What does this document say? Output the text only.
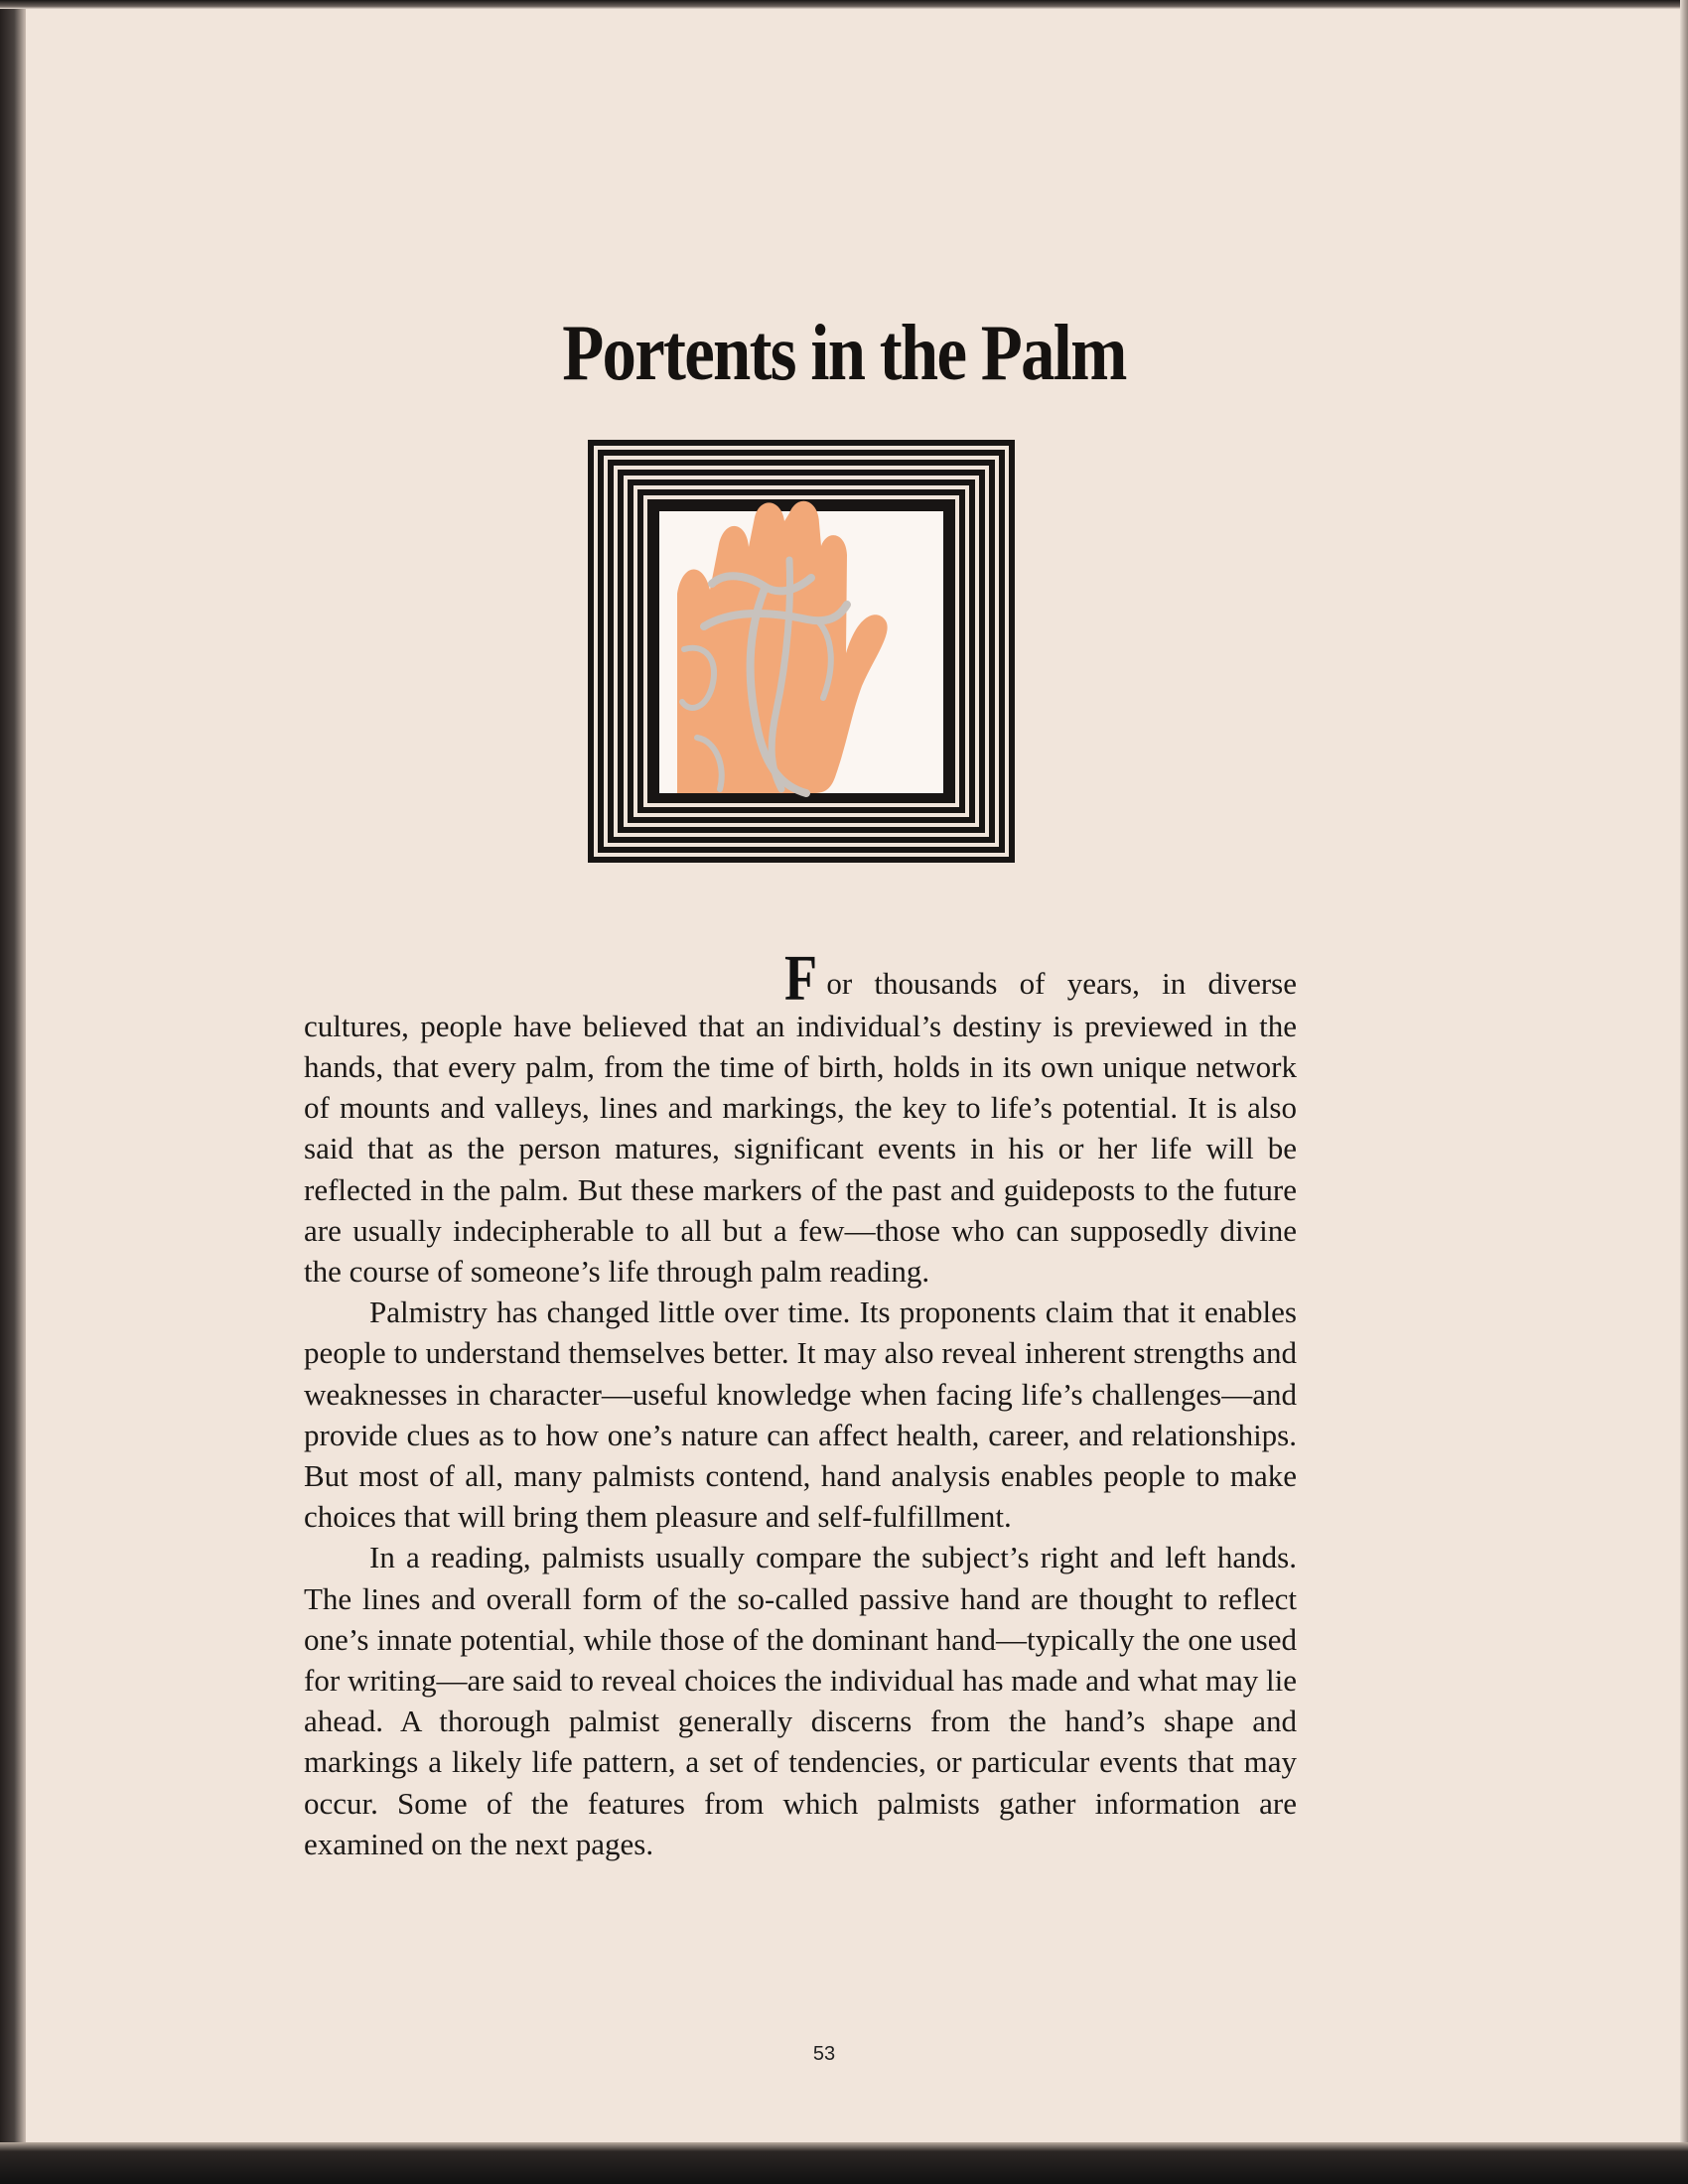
Portents in the Palm

For thousands of years, in diverse cultures, people have believed that an individual’s destiny is previewed in the hands, that every palm, from the time of birth, holds in its own unique network of mounts and valleys, lines and markings, the key to life’s potential. It is also said that as the person matures, significant events in his or her life will be reflected in the palm. But these markers of the past and guideposts to the future are usually indecipherable to all but a few—those who can supposedly divine the course of someone’s life through palm reading.

Palmistry has changed little over time. Its proponents claim that it enables people to understand themselves better. It may also reveal inherent strengths and weaknesses in character—useful knowledge when facing life’s challenges—and provide clues as to how one’s nature can affect health, career, and relationships. But most of all, many palmists contend, hand analysis enables people to make choices that will bring them pleasure and self-fulfillment.

In a reading, palmists usually compare the subject’s right and left hands. The lines and overall form of the so-called passive hand are thought to reflect one’s innate potential, while those of the dominant hand—typically the one used for writing—are said to reveal choices the individual has made and what may lie ahead. A thorough palmist generally discerns from the hand’s shape and markings a likely life pattern, a set of tendencies, or particular events that may occur. Some of the features from which palmists gather information are examined on the next pages.

53
